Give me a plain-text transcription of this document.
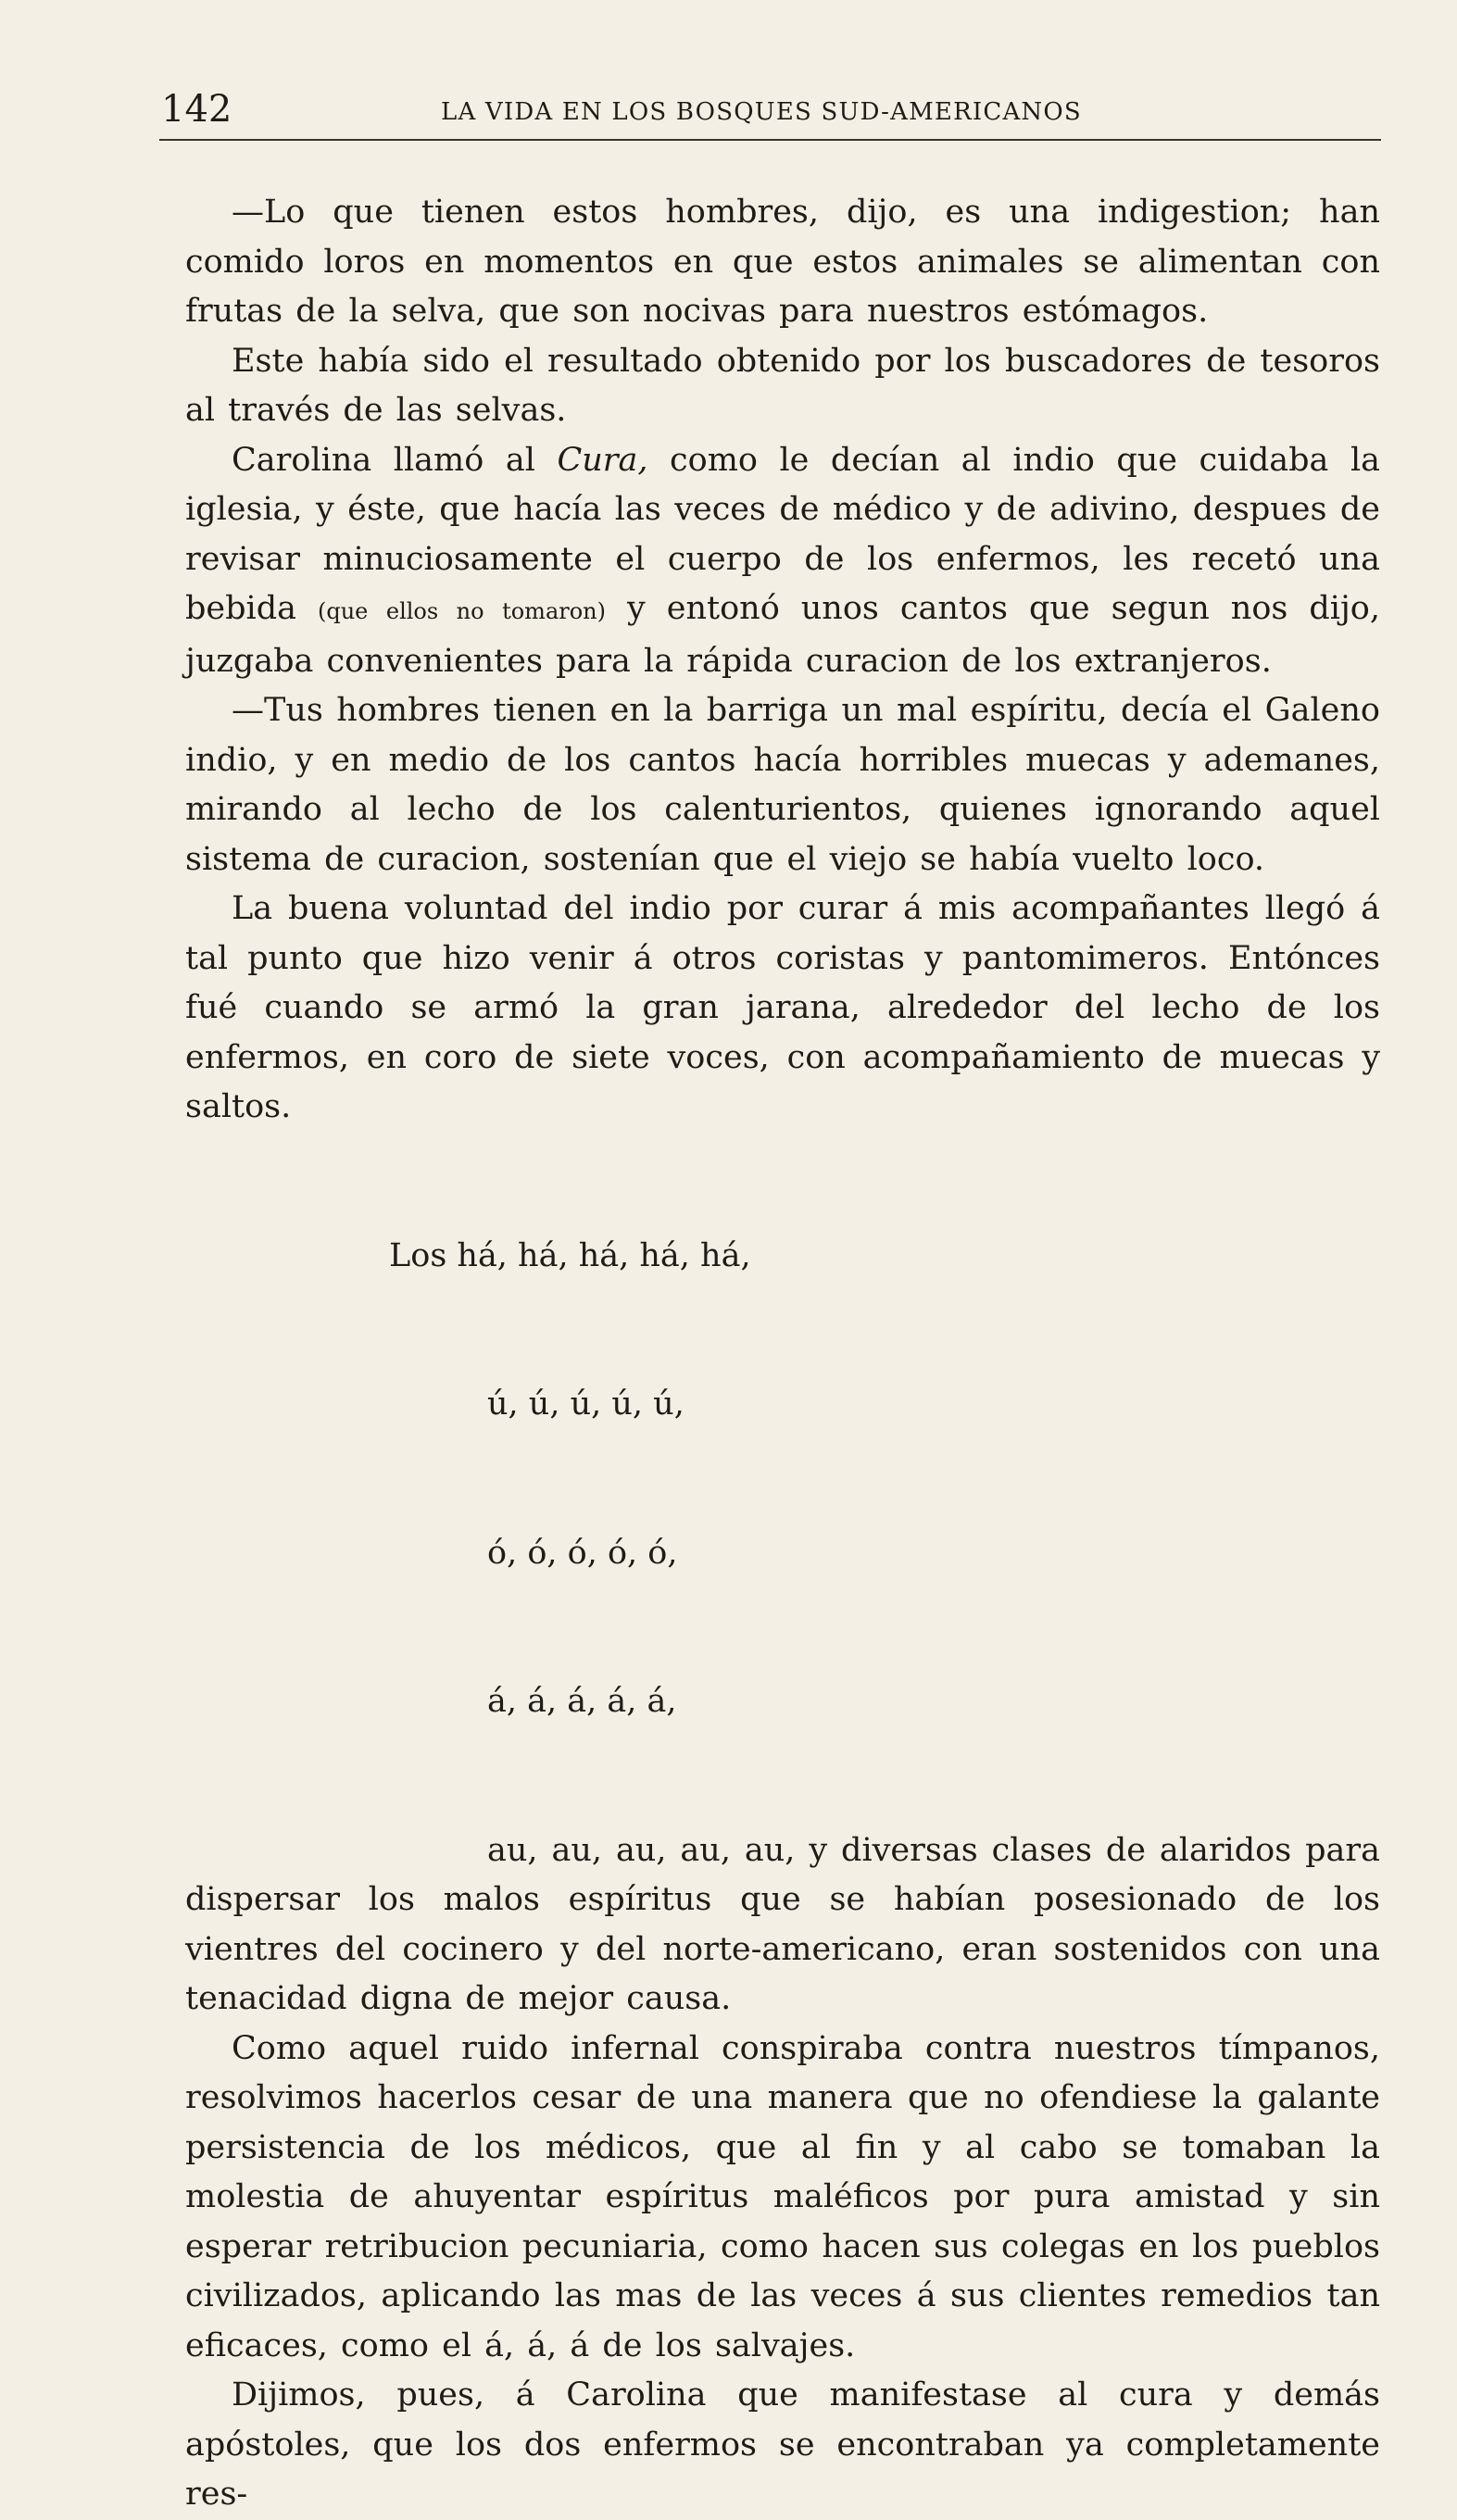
142	LA VIDA EN LOS BOSQUES SUD-AMERICANOS

—Lo que tienen estos hombres, dijo, es una indigestion; han comido loros en momentos en que estos animales se alimentan con frutas de la selva, que son nocivas para nuestros estómagos.

Este había sido el resultado obtenido por los buscadores de tesoros al través de las selvas.

Carolina llamó al Cura, como le decían al indio que cuidaba la iglesia, y éste, que hacía las veces de médico y de adivino, despues de revisar minuciosamente el cuerpo de los enfermos, les recetó una bebida (que ellos no tomaron) y entonó unos cantos que segun nos dijo, juzgaba convenientes para la rápida curacion de los extranjeros.

—Tus hombres tienen en la barriga un mal espíritu, decía el Galeno indio, y en medio de los cantos hacía horribles muecas y ademanes, mirando al lecho de los calenturientos, quienes ignorando aquel sistema de curacion, sostenían que el viejo se había vuelto loco.

La buena voluntad del indio por curar á mis acompañantes llegó á tal punto que hizo venir á otros coristas y pantomimeros. Entónces fué cuando se armó la gran jarana, alrededor del lecho de los enfermos, en coro de siete voces, con acompañamiento de muecas y saltos.

Los há, há, há, há, há,

ú, ú, ú, ú, ú,

ó, ó, ó, ó, ó,

á, á, á, á, á,

au, au, au, au, au, y diversas clases de alaridos para dispersar los malos espíritus que se habían posesionado de los vientres del cocinero y del norte-americano, eran sostenidos con una tenacidad digna de mejor causa.

Como aquel ruido infernal conspiraba contra nuestros tímpanos, resolvimos hacerlos cesar de una manera que no ofendiese la galante persistencia de los médicos, que al fin y al cabo se tomaban la molestia de ahuyentar espíritus maléficos por pura amistad y sin esperar retribucion pecuniaria, como hacen sus colegas en los pueblos civilizados, aplicando las mas de las veces á sus clientes remedios tan eficaces, como el á, á, á de los salvajes.

Dijimos, pues, á Carolina que manifestase al cura y demás apóstoles, que los dos enfermos se encontraban ya completamente res-
